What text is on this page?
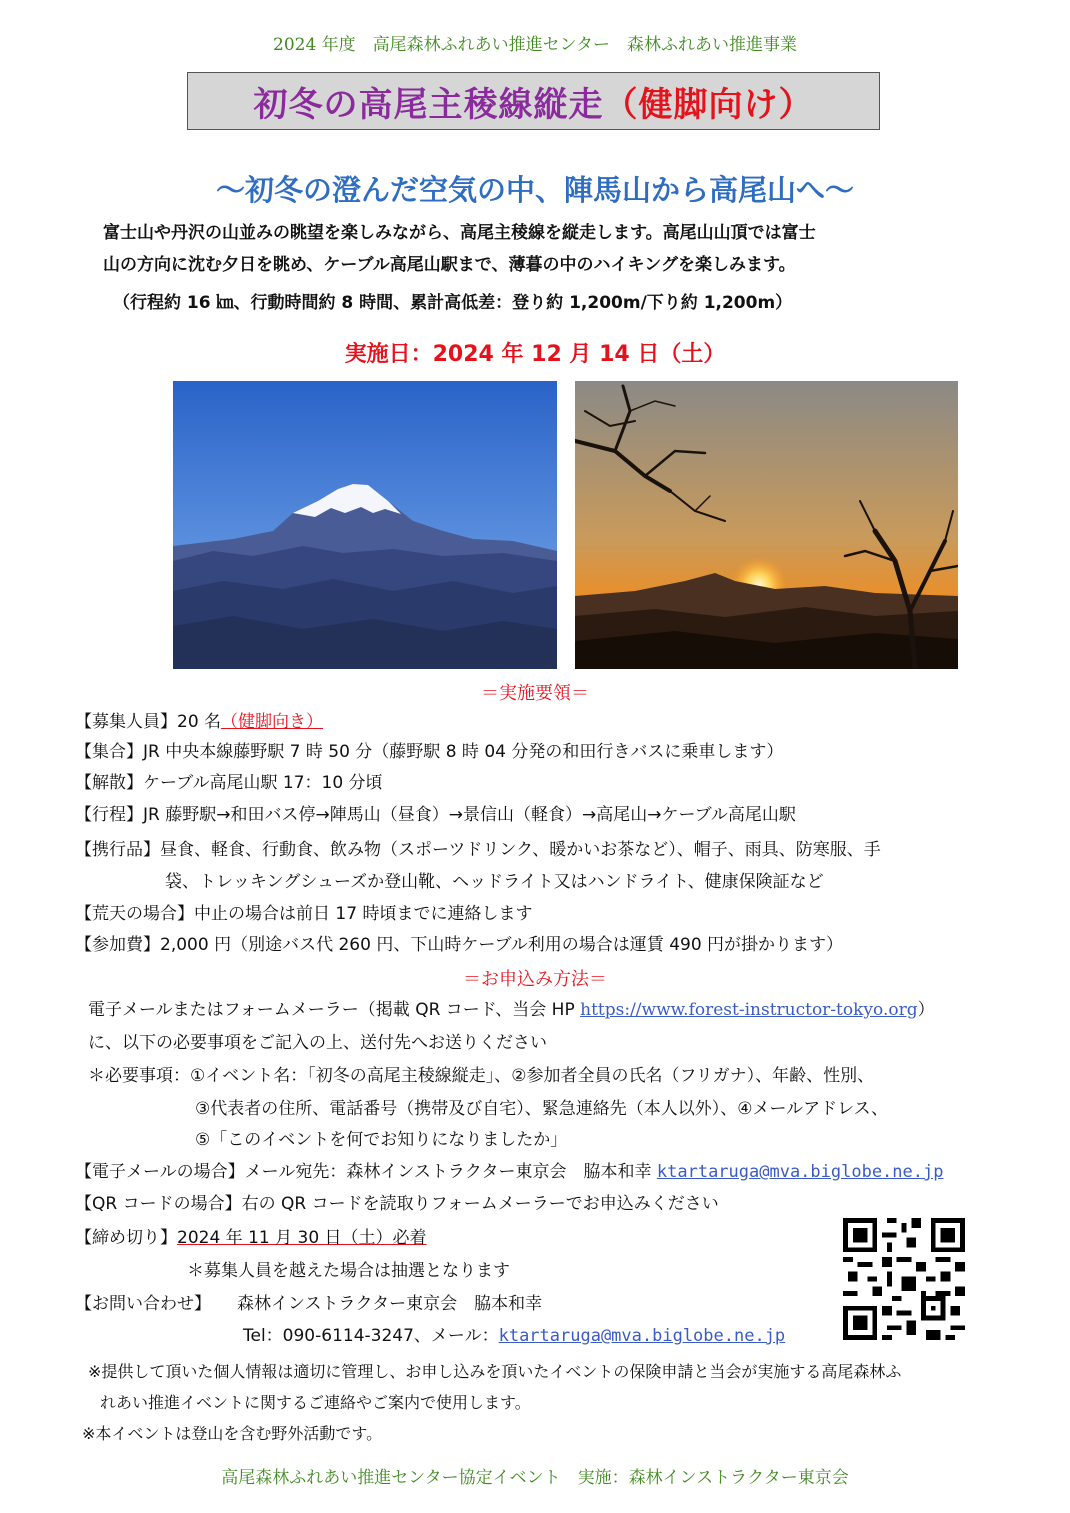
2024 年度　高尾森林ふれあい推進センター　森林ふれあい推進事業
初冬の高尾主稜線縦走 （健脚向け）
～初冬の澄んだ空気の中、陣馬山から高尾山へ～
富士山や丹沢の山並みの眺望を楽しみながら、高尾主稜線を縦走します。高尾山山頂では富士
山の方向に沈む夕日を眺め、ケーブル高尾山駅まで、薄暮の中のハイキングを楽しみます。
（行程約 16 ㎞、行動時間約 8 時間、累計高低差：登り約 1,200m/下り約 1,200m）
実施日：2024 年 12 月 14 日（土）
＝実施要領＝
【募集人員】20 名（健脚向き）
【集合】JR 中央本線藤野駅 7 時 50 分（藤野駅 8 時 04 分発の和田行きバスに乗車します）
【解散】ケーブル高尾山駅 17：10 分頃
【行程】JR 藤野駅→和田バス停→陣馬山（昼食）→景信山（軽食）→高尾山→ケーブル高尾山駅
【携行品】昼食、軽食、行動食、飲み物（スポーツドリンク、暖かいお茶など）、帽子、雨具、防寒服、手
袋、トレッキングシューズか登山靴、ヘッドライト又はハンドライト、健康保険証など
【荒天の場合】中止の場合は前日 17 時頃までに連絡します
【参加費】2,000 円（別途バス代 260 円、下山時ケーブル利用の場合は運賃 490 円が掛かります）
＝お申込み方法＝
電子メールまたはフォームメーラー（掲載 QR コード、当会 HP https://www.forest-instructor-tokyo.org）
に、以下の必要事項をご記入の上、送付先へお送りください
＊必要事項：①イベント名：「初冬の高尾主稜線縦走」、②参加者全員の氏名（フリガナ）、年齢、性別、
③代表者の住所、電話番号（携帯及び自宅）、緊急連絡先（本人以外）、④メールアドレス、
⑤「このイベントを何でお知りになりましたか」
【電子メールの場合】メール宛先：森林インストラクター東京会　脇本和幸 ktartaruga@mva.biglobe.ne.jp
【QR コードの場合】右の QR コードを読取りフォームメーラーでお申込みください
【締め切り】2024 年 11 月 30 日（土）必着
＊募集人員を越えた場合は抽選となります
【お問い合わせ】 森林インストラクター東京会　脇本和幸
Tel：090-6114-3247、メール：ktartaruga@mva.biglobe.ne.jp
※提供して頂いた個人情報は適切に管理し、お申し込みを頂いたイベントの保険申請と当会が実施する高尾森林ふ
れあい推進イベントに関するご連絡やご案内で使用します。
※本イベントは登山を含む野外活動です。
高尾森林ふれあい推進センター協定イベント　実施：森林インストラクター東京会
